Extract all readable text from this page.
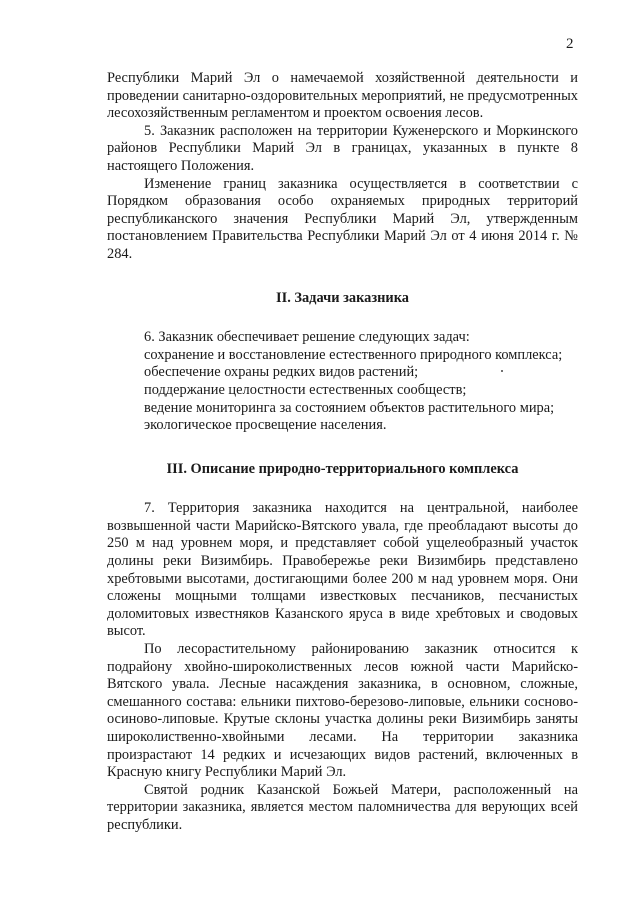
2

Республики Марий Эл о намечаемой хозяйственной деятельности и проведении санитарно-оздоровительных мероприятий, не предусмотренных лесохозяйственным регламентом и проектом освоения лесов.

5. Заказник расположен на территории Куженерского и Моркинского районов Республики Марий Эл в границах, указанных в пункте 8 настоящего Положения.

Изменение границ заказника осуществляется в соответствии с Порядком образования особо охраняемых природных территорий республиканского значения Республики Марий Эл, утвержденным постановлением Правительства Республики Марий Эл от 4 июня 2014 г. № 284.

II. Задачи заказника

6. Заказник обеспечивает решение следующих задач:

сохранение и восстановление естественного природного комплекса;

обеспечение охраны редких видов растений;

поддержание целостности естественных сообществ;

ведение мониторинга за состоянием объектов растительного мира;

экологическое просвещение населения.

III. Описание природно-территориального комплекса

7. Территория заказника находится на центральной, наиболее возвышенной части Марийско-Вятского увала, где преобладают высоты до 250 м над уровнем моря, и представляет собой ущелеобразный участок долины реки Визимбирь. Правобережье реки Визимбирь представлено хребтовыми высотами, достигающими более 200 м над уровнем моря. Они сложены мощными толщами известковых песчаников, песчанистых доломитовых известняков Казанского яруса в виде хребтовых и сводовых высот.

По лесорастительному районированию заказник относится к подрайону хвойно-широколиственных лесов южной части Марийско-Вятского увала. Лесные насаждения заказника, в основном, сложные, смешанного состава: ельники пихтово-березово-липовые, ельники сосново-осиново-липовые. Крутые склоны участка долины реки Визимбирь заняты широколиственно-хвойными лесами. На территории заказника произрастают 14 редких и исчезающих видов растений, включенных в Красную книгу Республики Марий Эл.

Святой родник Казанской Божьей Матери, расположенный на территории заказника, является местом паломничества для верующих всей республики.
